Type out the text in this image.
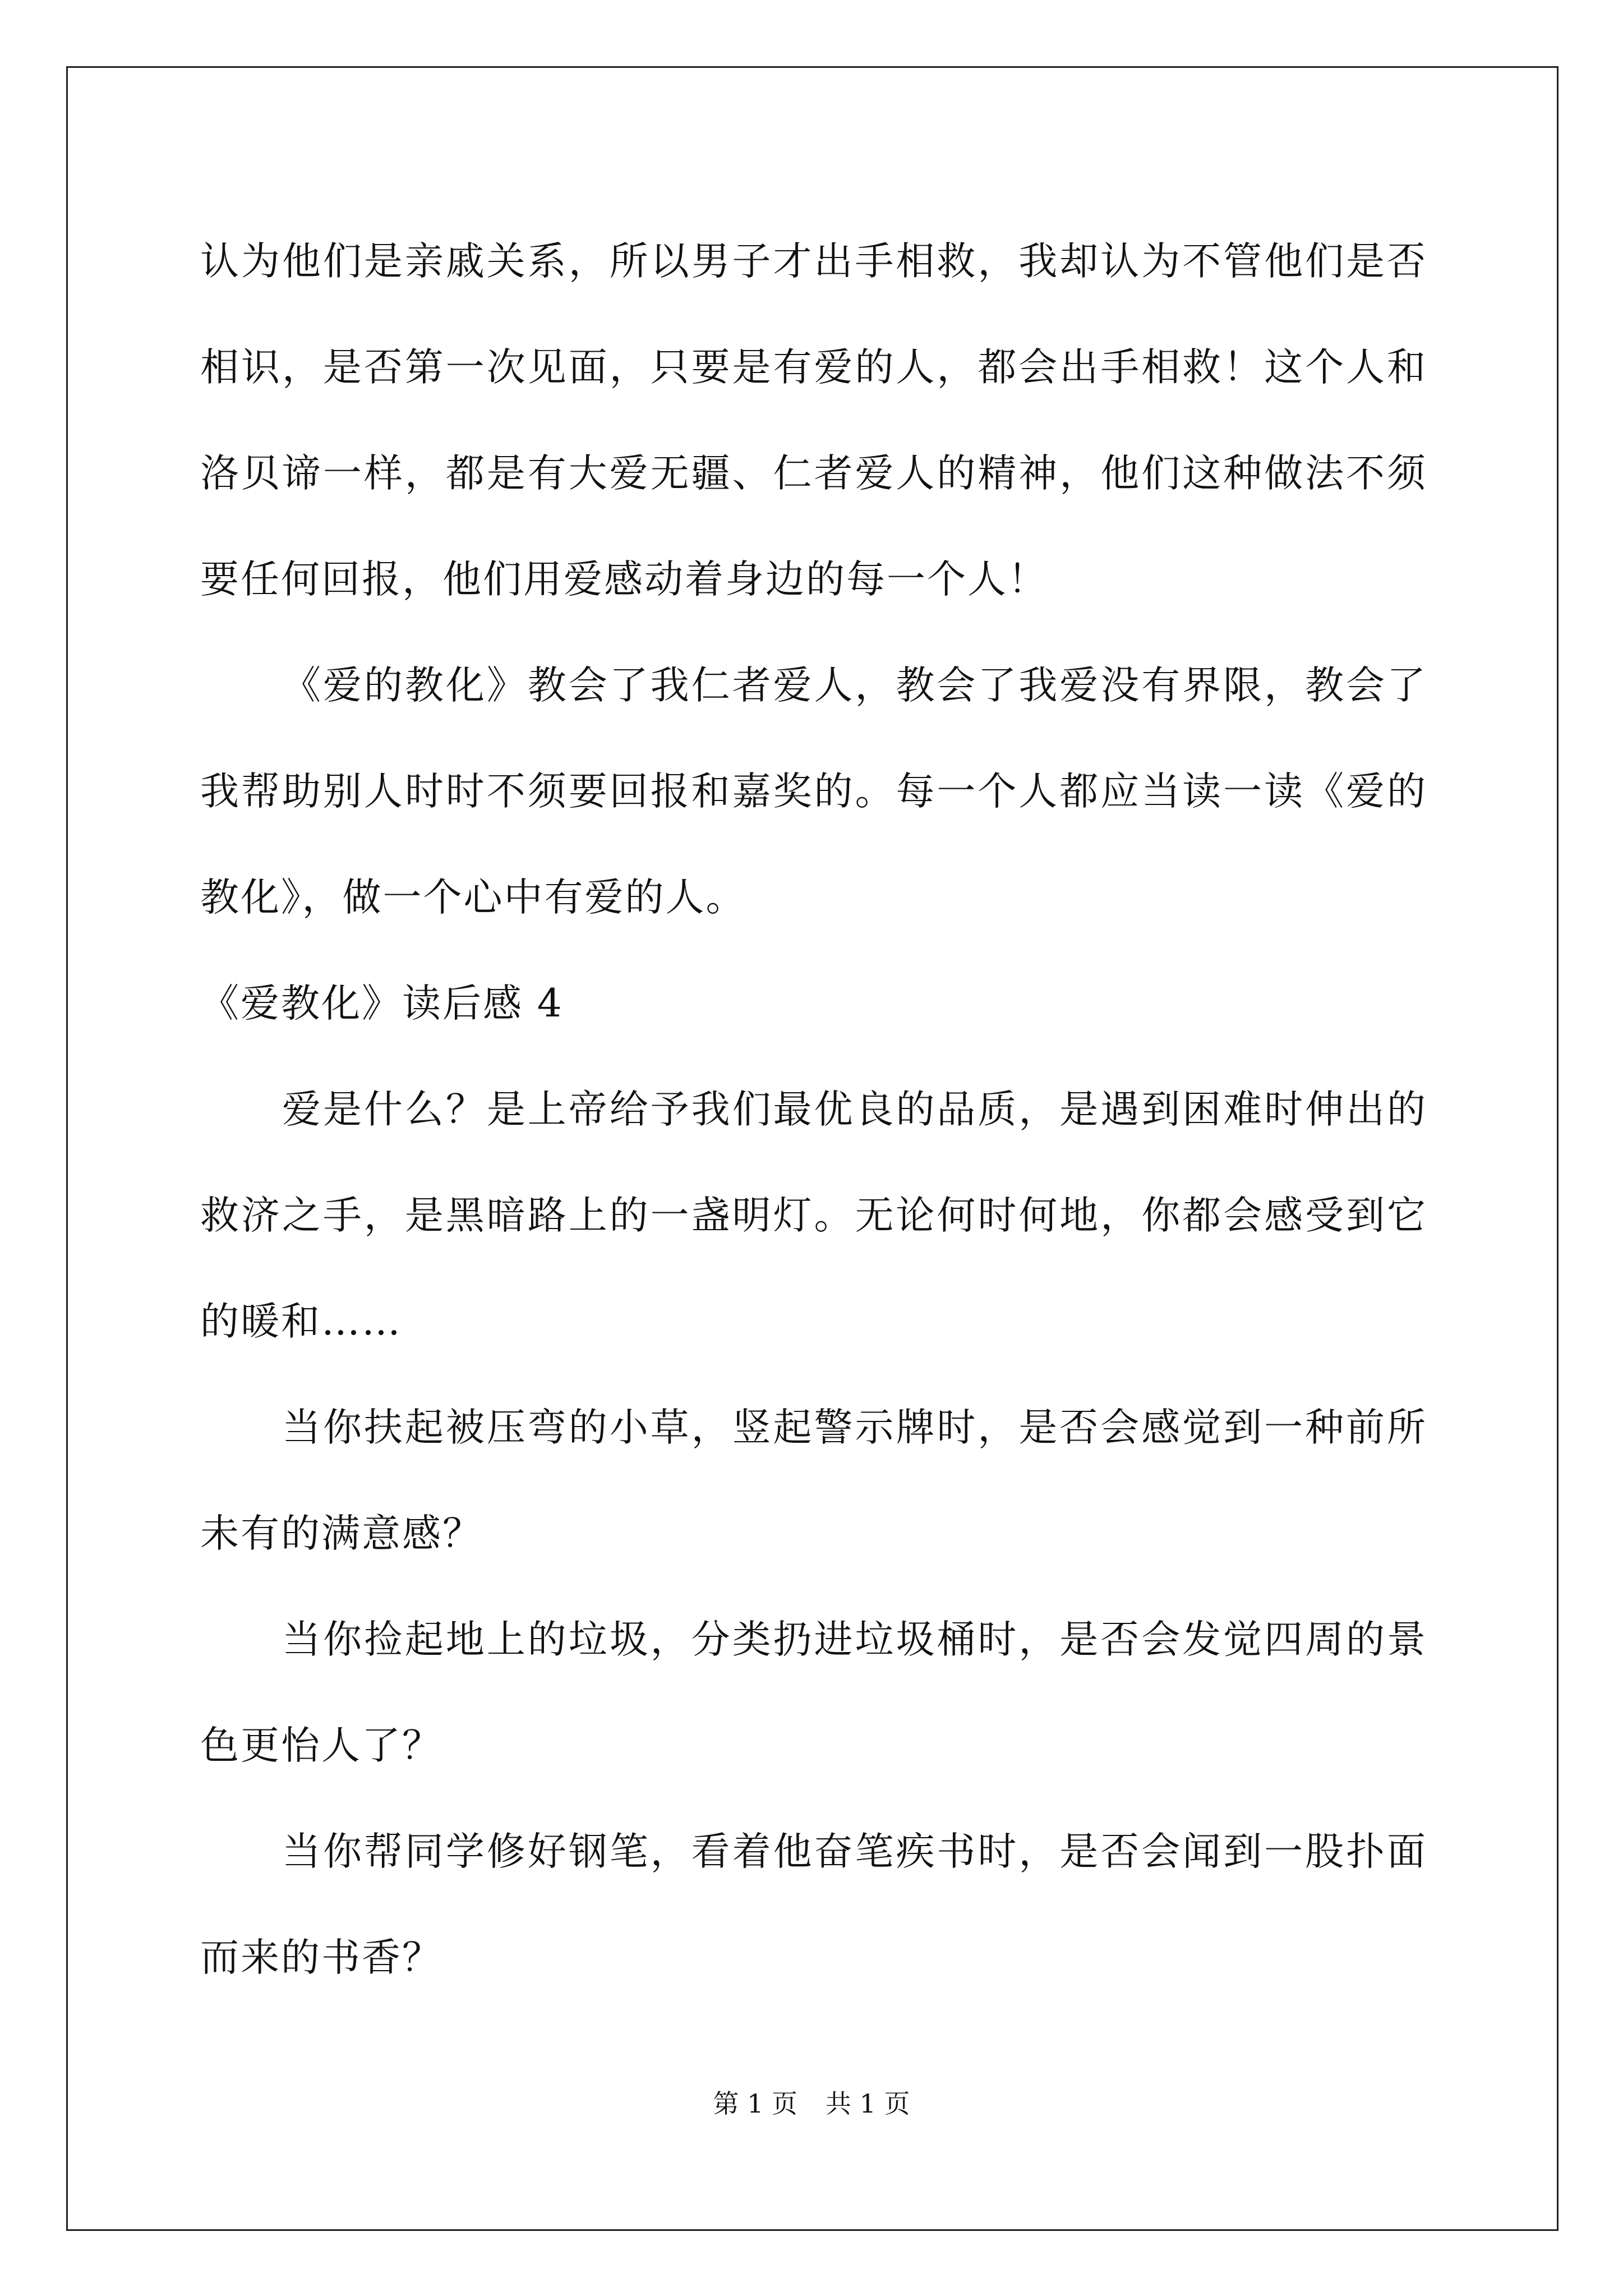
认为他们是亲戚关系，所以男子才出手相救，我却认为不管他们是否相识，是否第一次见面，只要是有爱的人，都会出手相救！这个人和洛贝谛一样，都是有大爱无疆、仁者爱人的精神，他们这种做法不须要任何回报，他们用爱感动着身边的每一个人！

《爱的教化》教会了我仁者爱人，教会了我爱没有界限，教会了我帮助别人时时不须要回报和嘉奖的。每一个人都应当读一读《爱的教化》，做一个心中有爱的人。

《爱教化》读后感 4

爱是什么？是上帝给予我们最优良的品质，是遇到困难时伸出的救济之手，是黑暗路上的一盏明灯。无论何时何地，你都会感受到它的暖和……

当你扶起被压弯的小草，竖起警示牌时，是否会感觉到一种前所未有的满意感？

当你捡起地上的垃圾，分类扔进垃圾桶时，是否会发觉四周的景色更怡人了？

当你帮同学修好钢笔，看着他奋笔疾书时，是否会闻到一股扑面而来的书香？

第 1 页 共 1 页
